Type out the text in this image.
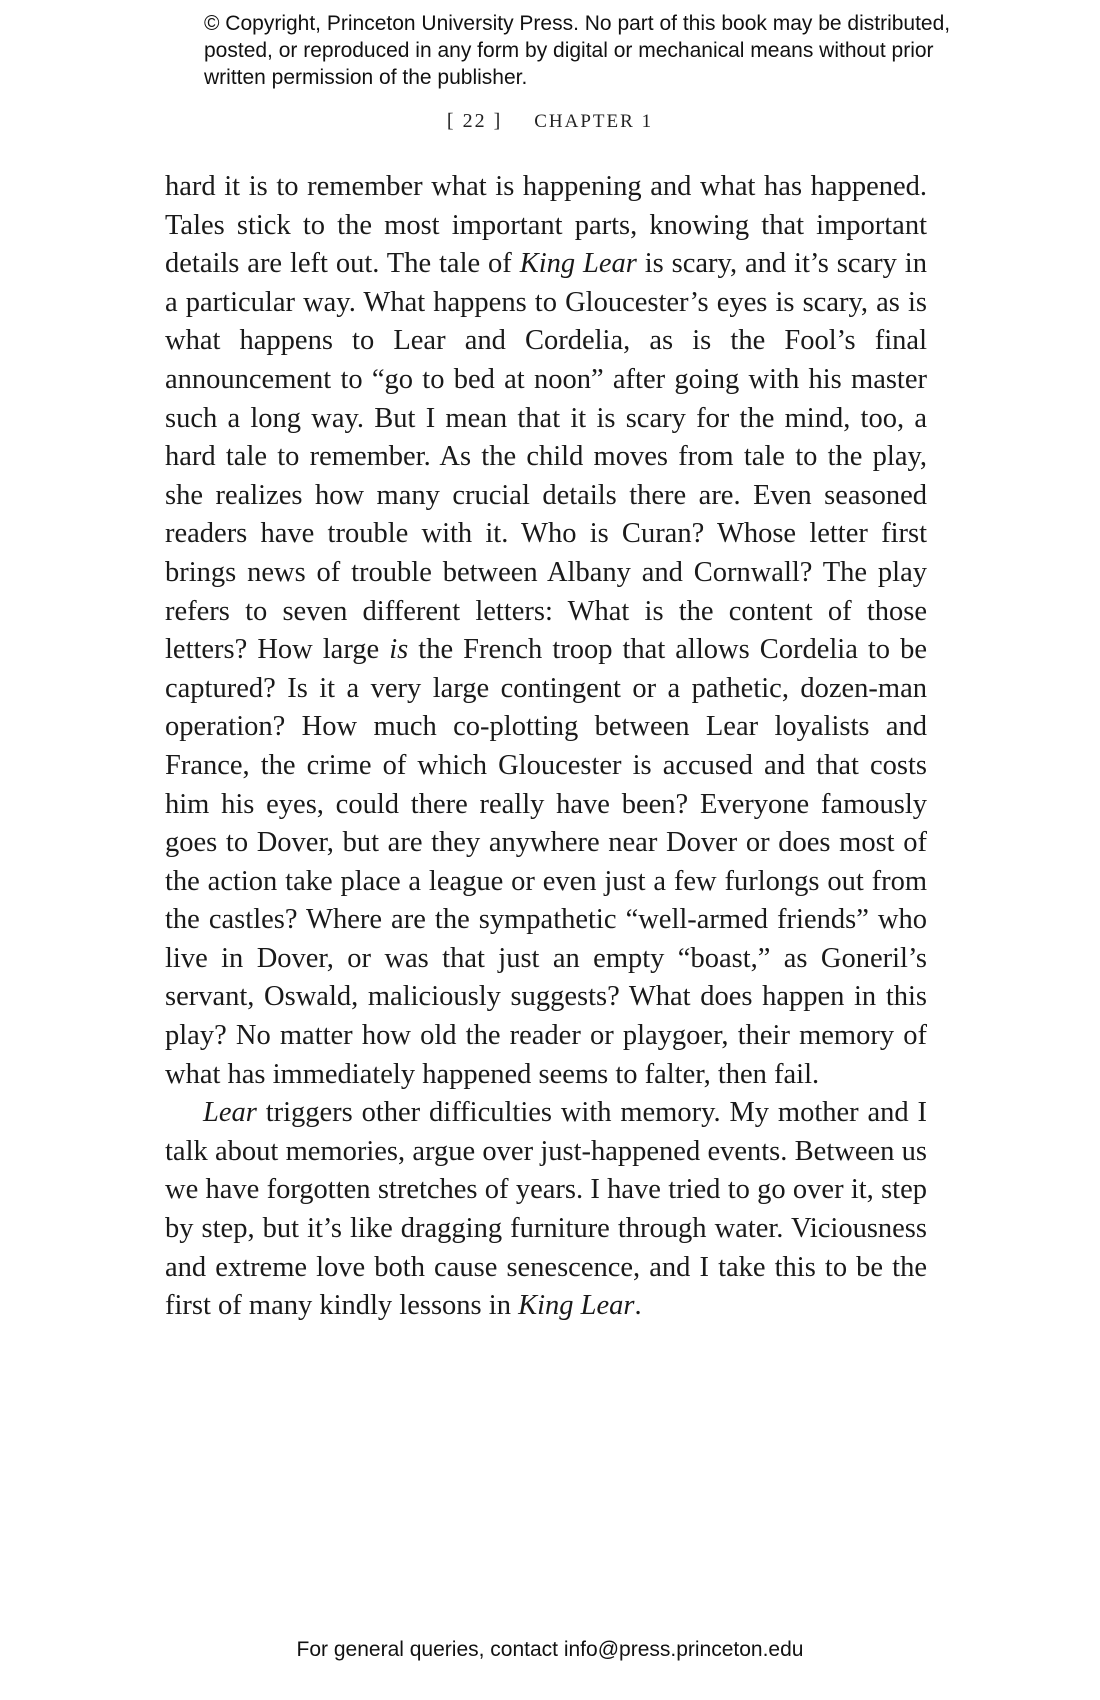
© Copyright, Princeton University Press. No part of this book may be distributed, posted, or reproduced in any form by digital or mechanical means without prior written permission of the publisher.
[ 22 ] CHAPTER 1

hard it is to remember what is happening and what has happened. Tales stick to the most important parts, knowing that important details are left out. The tale of King Lear is scary, and it’s scary in a particular way. What happens to Gloucester’s eyes is scary, as is what happens to Lear and Cordelia, as is the Fool’s final announcement to “go to bed at noon” after going with his master such a long way. But I mean that it is scary for the mind, too, a hard tale to remember. As the child moves from tale to the play, she realizes how many crucial details there are. Even seasoned readers have trouble with it. Who is Curan? Whose letter first brings news of trouble between Albany and Cornwall? The play refers to seven different letters: What is the content of those letters? How large is the French troop that allows Cordelia to be captured? Is it a very large contingent or a pathetic, dozen-man operation? How much co-plotting between Lear loyalists and France, the crime of which Gloucester is accused and that costs him his eyes, could there really have been? Everyone famously goes to Dover, but are they anywhere near Dover or does most of the action take place a league or even just a few furlongs out from the castles? Where are the sympathetic “well-armed friends” who live in Dover, or was that just an empty “boast,” as Goneril’s servant, Oswald, maliciously suggests? What does happen in this play? No matter how old the reader or playgoer, their memory of what has immediately happened seems to falter, then fail.

Lear triggers other difficulties with memory. My mother and I talk about memories, argue over just-happened events. Between us we have forgotten stretches of years. I have tried to go over it, step by step, but it’s like dragging furniture through water. Viciousness and extreme love both cause senescence, and I take this to be the first of many kindly lessons in King Lear.

For general queries, contact info@press.princeton.edu
